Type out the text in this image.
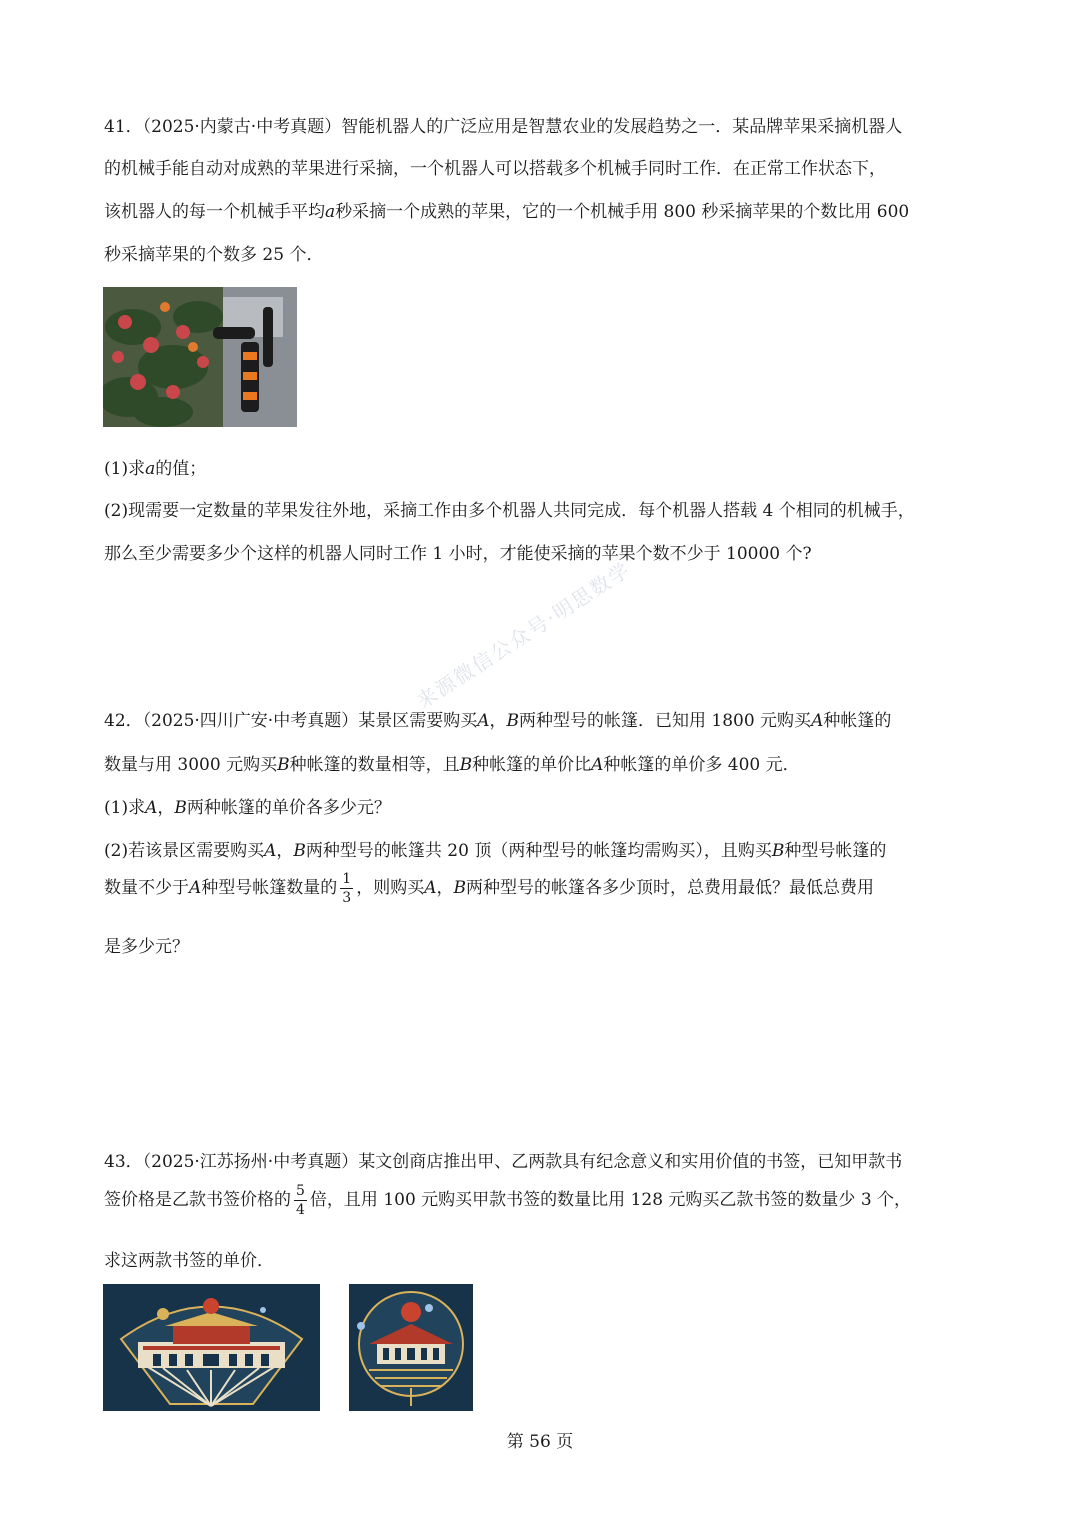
来源微信公众号·明思数学
41．（2025·内蒙古·中考真题）智能机器人的广泛应用是智慧农业的发展趋势之一．某品牌苹果采摘机器人
的机械手能自动对成熟的苹果进行采摘，一个机器人可以搭载多个机械手同时工作．在正常工作状态下，
该机器人的每一个机械手平均a秒采摘一个成熟的苹果，它的一个机械手用 800 秒采摘苹果的个数比用 600
秒采摘苹果的个数多 25 个．
(1)求a的值；
(2)现需要一定数量的苹果发往外地，采摘工作由多个机器人共同完成．每个机器人搭载 4 个相同的机械手，
那么至少需要多少个这样的机器人同时工作 1 小时，才能使采摘的苹果个数不少于 10000 个?
42．（2025·四川广安·中考真题）某景区需要购买A，B两种型号的帐篷．已知用 1800 元购买A种帐篷的
数量与用 3000 元购买B种帐篷的数量相等，且B种帐篷的单价比A种帐篷的单价多 400 元．
(1)求A，B两种帐篷的单价各多少元？
(2)若该景区需要购买A，B两种型号的帐篷共 20 顶（两种型号的帐篷均需购买），且购买B种型号帐篷的
数量不少于A种型号帐篷数量的 $\frac{1}{3}$ ，则购买A，B两种型号的帐篷各多少顶时，总费用最低？最低总费用
是多少元？
43．（2025·江苏扬州·中考真题）某文创商店推出甲、乙两款具有纪念意义和实用价值的书签，已知甲款书
签价格是乙款书签价格的 $\frac{5}{4}$ 倍，且用 100 元购买甲款书签的数量比用 128 元购买乙款书签的数量少 3 个，
求这两款书签的单价．
第 56 页
